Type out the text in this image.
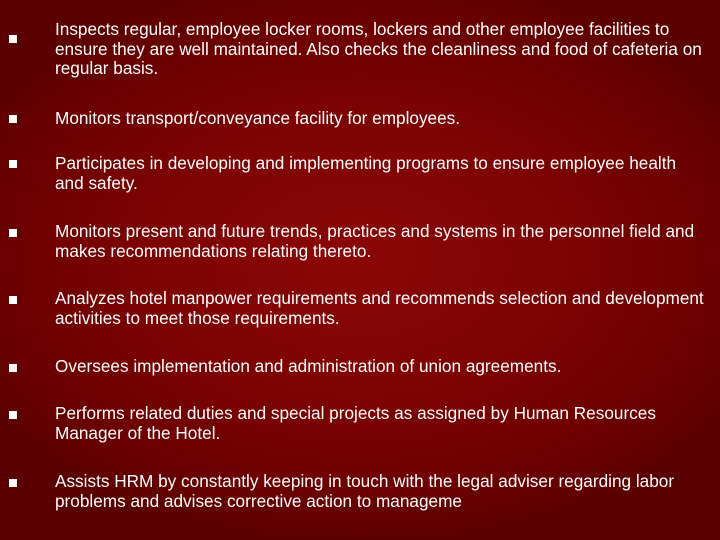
Inspects regular, employee locker rooms, lockers and other employee facilities to ensure they are well maintained. Also checks the cleanliness and food of cafeteria on regular basis.
Monitors transport/conveyance facility for employees.
Participates in developing and implementing programs to ensure employee health and safety.
Monitors present and future trends, practices and systems in the personnel field and makes recommendations relating thereto.
Analyzes hotel manpower requirements and recommends selection and development activities to meet those requirements.
Oversees implementation and administration of union agreements.
Performs related duties and special projects as assigned by Human Resources Manager of the Hotel.
Assists HRM by constantly keeping in touch with the legal adviser regarding labor problems and advises corrective action to manageme
